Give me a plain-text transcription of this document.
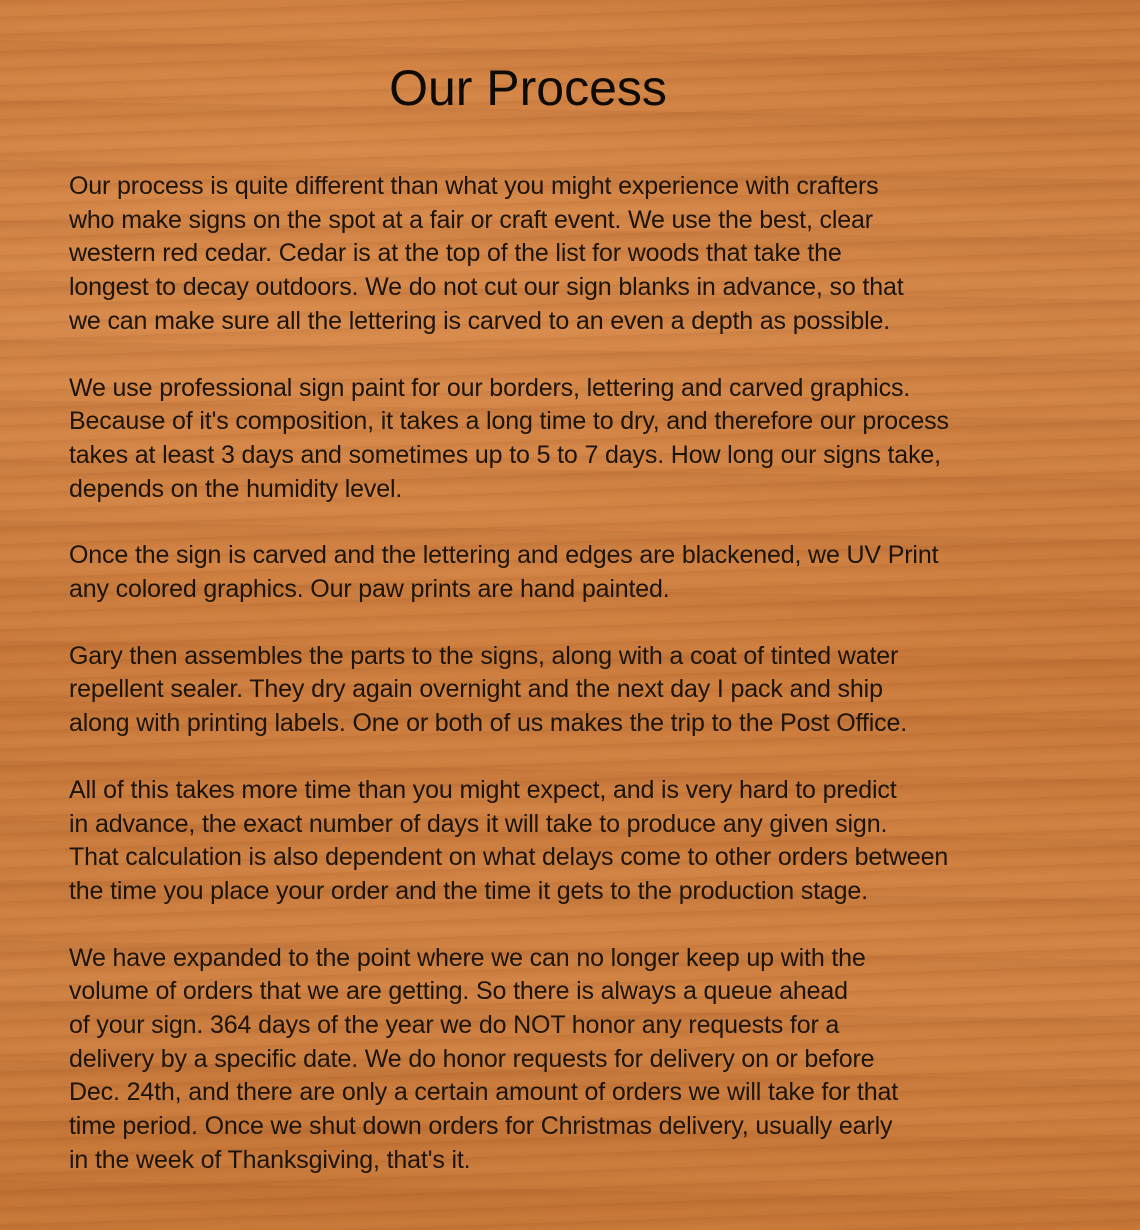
Our Process

Our process is quite different than what you might experience with crafters
who make signs on the spot at a fair or craft event. We use the best, clear
western red cedar. Cedar is at the top of the list for woods that take the
longest to decay outdoors. We do not cut our sign blanks in advance, so that
we can make sure all the lettering is carved to an even a depth as possible.

We use professional sign paint for our borders, lettering and carved graphics.
Because of it's composition, it takes a long time to dry, and therefore our process
takes at least 3 days and sometimes up to 5 to 7 days. How long our signs take,
depends on the humidity level.

Once the sign is carved and the lettering and edges are blackened, we UV Print
any colored graphics. Our paw prints are hand painted.

Gary then assembles the parts to the signs, along with a coat of tinted water
repellent sealer. They dry again overnight and the next day I pack and ship
along with printing labels. One or both of us makes the trip to the Post Office.

All of this takes more time than you might expect, and is very hard to predict
in advance, the exact number of days it will take to produce any given sign.
That calculation is also dependent on what delays come to other orders between
the time you place your order and the time it gets to the production stage.

We have expanded to the point where we can no longer keep up with the
volume of orders that we are getting. So there is always a queue ahead
of your sign. 364 days of the year we do NOT honor any requests for a
delivery by a specific date. We do honor requests for delivery on or before
Dec. 24th, and there are only a certain amount of orders we will take for that
time period. Once we shut down orders for Christmas delivery, usually early
in the week of Thanksgiving, that's it.
